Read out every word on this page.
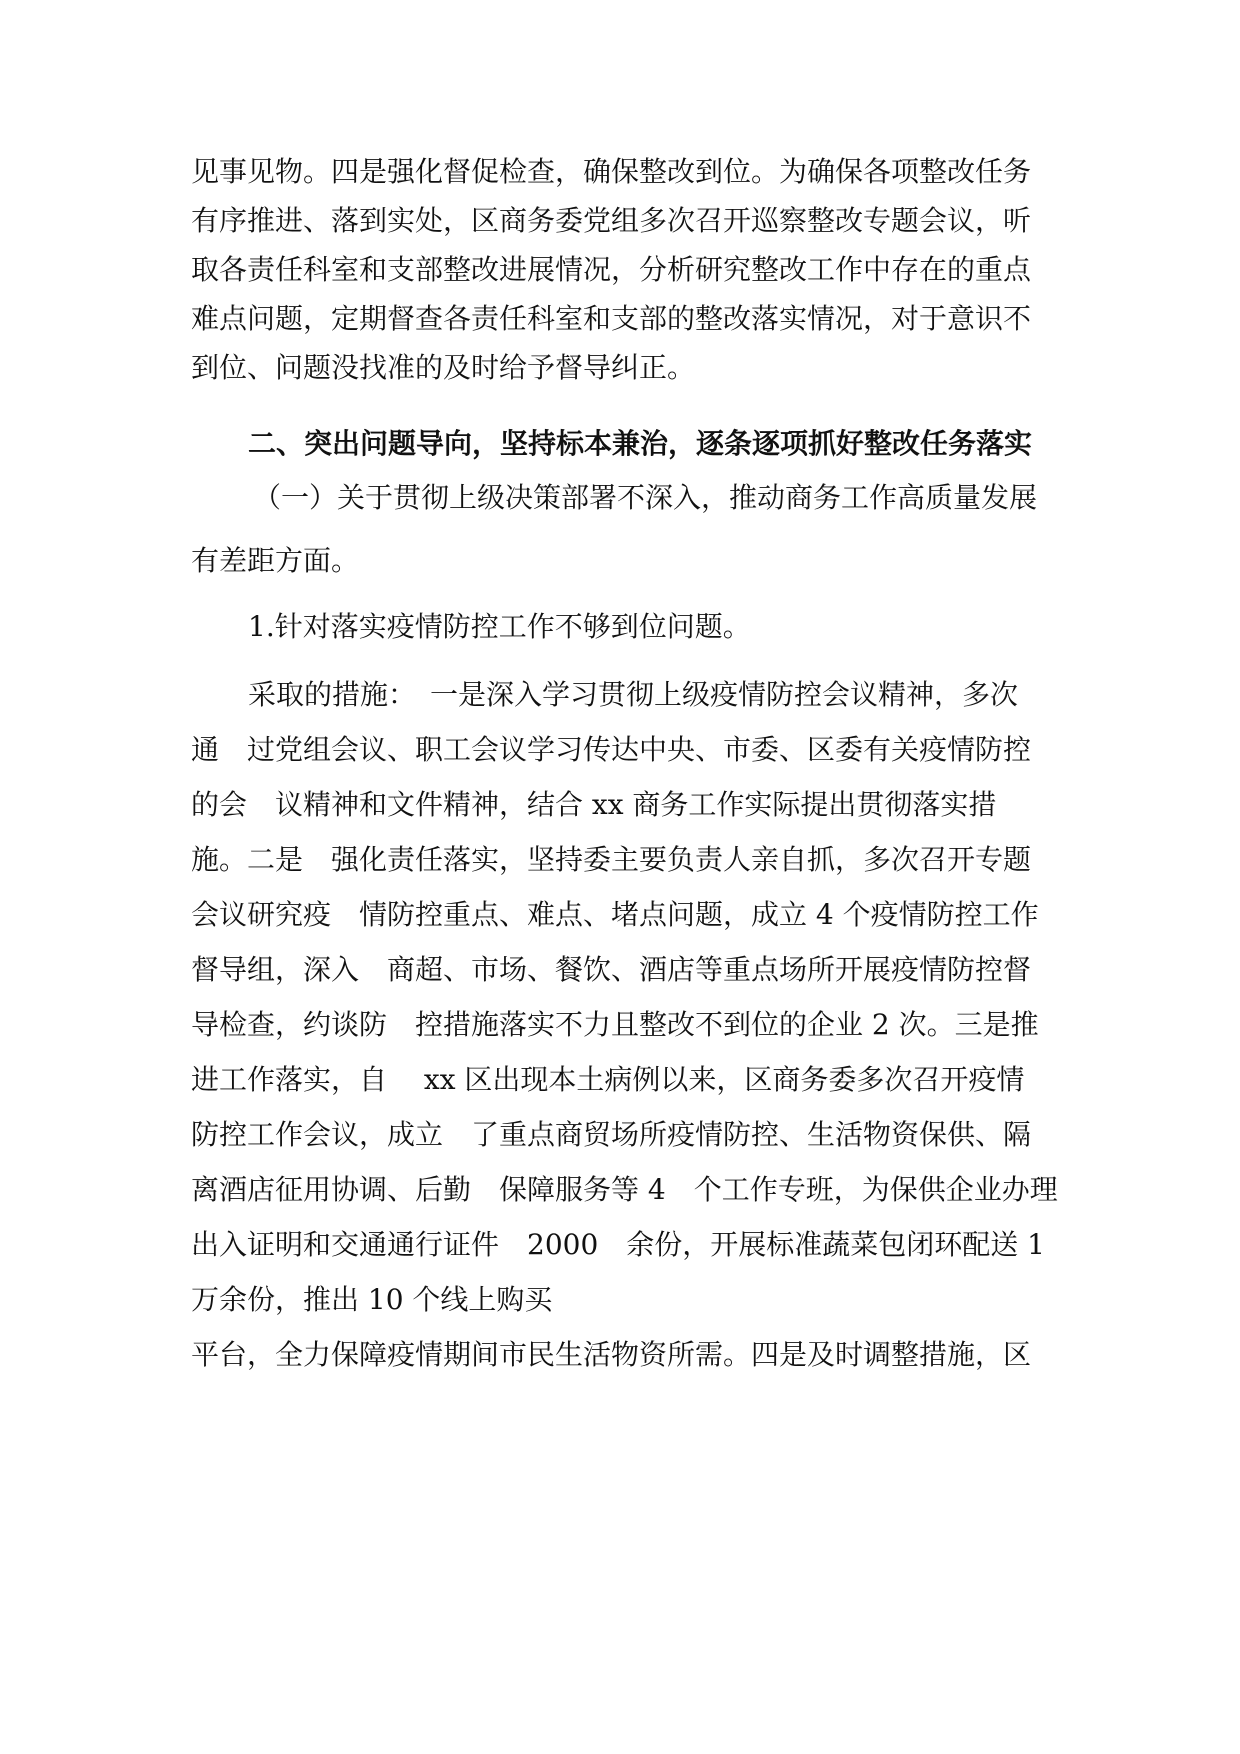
见事见物。四是强化督促检查，确保整改到位。为确保各项整改任务

有序推进、落到实处，区商务委党组多次召开巡察整改专题会议，听

取各责任科室和支部整改进展情况，分析研究整改工作中存在的重点

难点问题，定期督查各责任科室和支部的整改落实情况，对于意识不

到位、问题没找准的及时给予督导纠正。

二、突出问题导向，坚持标本兼治，逐条逐项抓好整改任务落实

（一）关于贯彻上级决策部署不深入，推动商务工作高质量发展

有差距方面。

1.针对落实疫情防控工作不够到位问题。

采取的措施：　一是深入学习贯彻上级疫情防控会议精神，多次

通　过党组会议、职工会议学习传达中央、市委、区委有关疫情防控

的会　议精神和文件精神，结合 xx 商务工作实际提出贯彻落实措

施。二是　强化责任落实，坚持委主要负责人亲自抓，多次召开专题

会议研究疫　情防控重点、难点、堵点问题，成立 4 个疫情防控工作

督导组，深入　商超、市场、餐饮、酒店等重点场所开展疫情防控督

导检查，约谈防　控措施落实不力且整改不到位的企业 2 次。三是推

进工作落实，自　 xx 区出现本土病例以来，区商务委多次召开疫情

防控工作会议，成立　了重点商贸场所疫情防控、生活物资保供、隔

离酒店征用协调、后勤　保障服务等 4　个工作专班，为保供企业办理

出入证明和交通通行证件　2000　余份，开展标准蔬菜包闭环配送 1

万余份，推出 10 个线上购买

平台，全力保障疫情期间市民生活物资所需。四是及时调整措施，区
